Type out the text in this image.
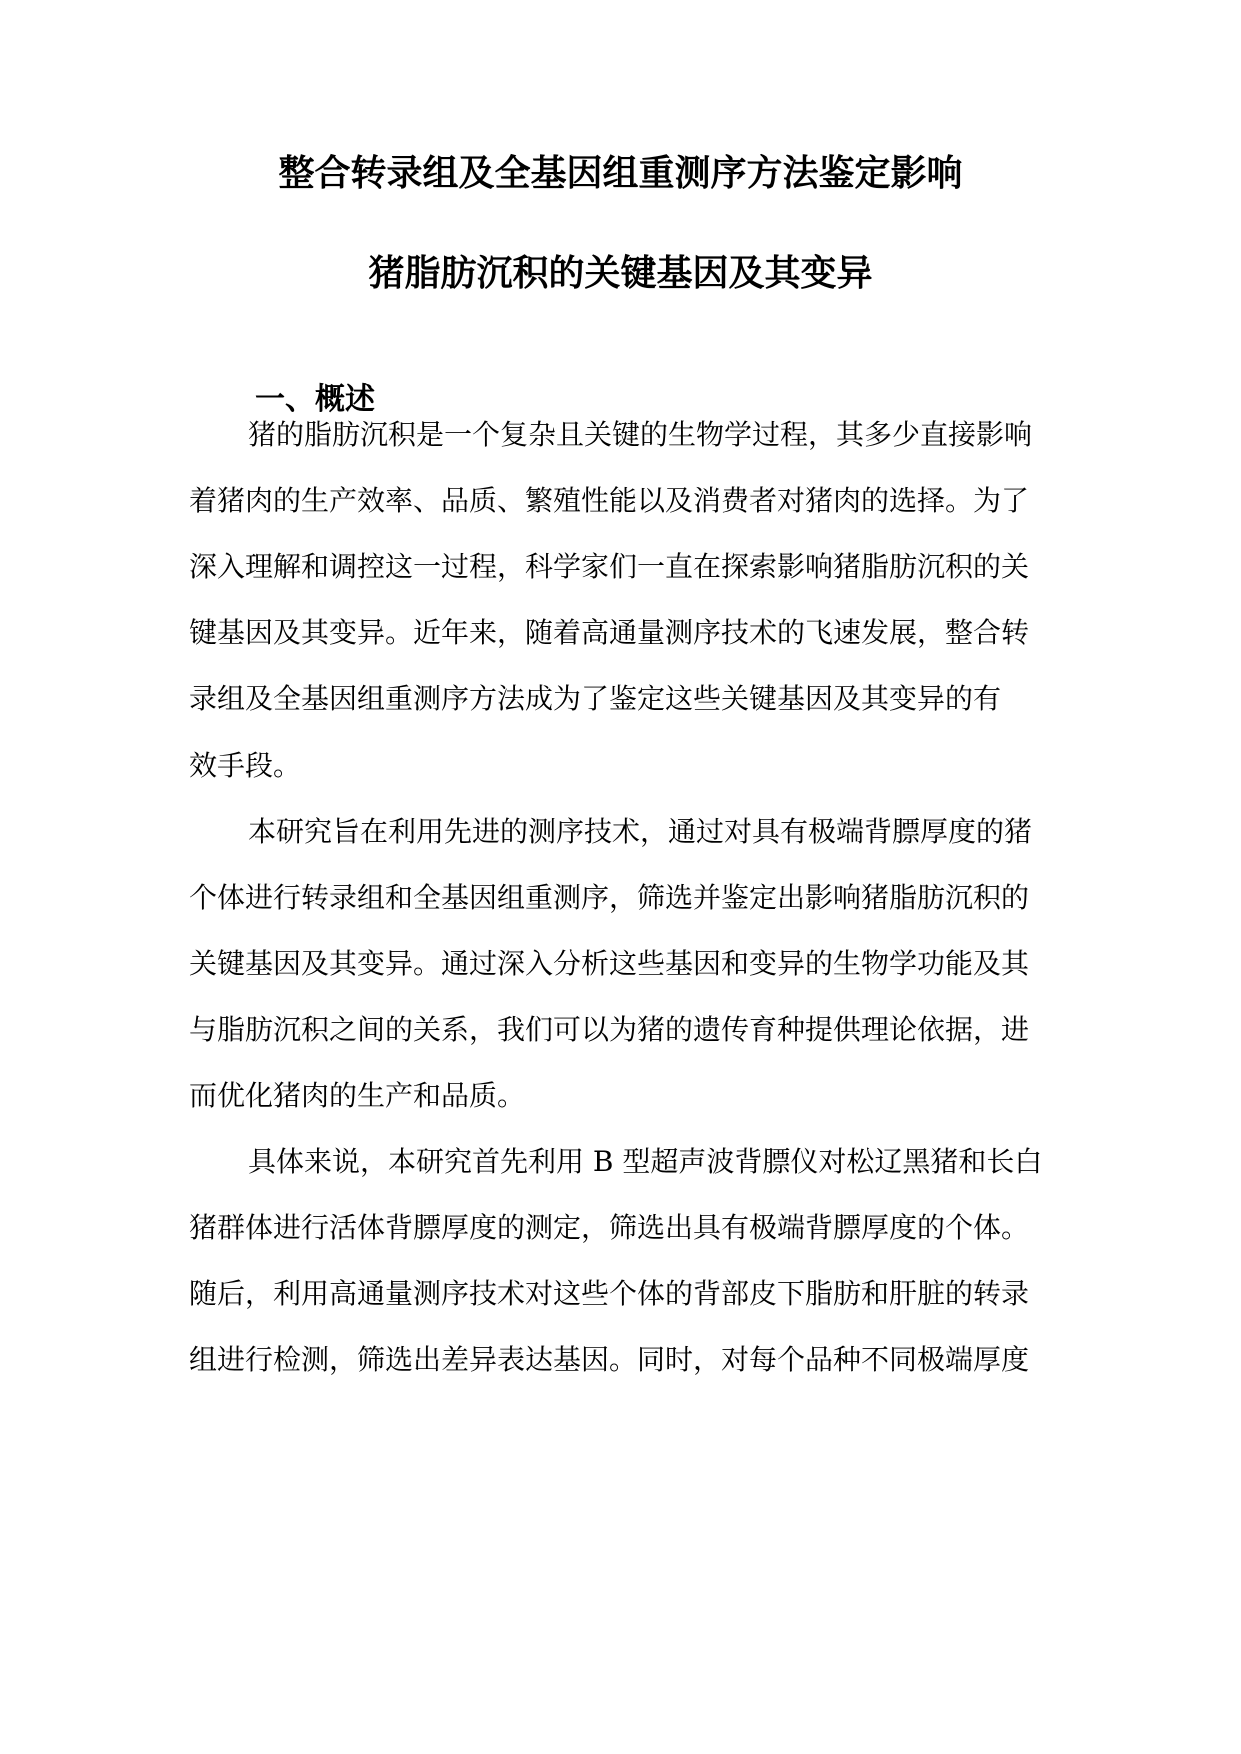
整合转录组及全基因组重测序方法鉴定影响
猪脂肪沉积的关键基因及其变异
一、概述
猪的脂肪沉积是一个复杂且关键的生物学过程，其多少直接影响
着猪肉的生产效率、品质、繁殖性能以及消费者对猪肉的选择。为了
深入理解和调控这一过程，科学家们一直在探索影响猪脂肪沉积的关
键基因及其变异。近年来，随着高通量测序技术的飞速发展，整合转
录组及全基因组重测序方法成为了鉴定这些关键基因及其变异的有
效手段。
本研究旨在利用先进的测序技术，通过对具有极端背膘厚度的猪
个体进行转录组和全基因组重测序，筛选并鉴定出影响猪脂肪沉积的
关键基因及其变异。通过深入分析这些基因和变异的生物学功能及其
与脂肪沉积之间的关系，我们可以为猪的遗传育种提供理论依据，进
而优化猪肉的生产和品质。
具体来说，本研究首先利用 B 型超声波背膘仪对松辽黑猪和长白
猪群体进行活体背膘厚度的测定，筛选出具有极端背膘厚度的个体。
随后，利用高通量测序技术对这些个体的背部皮下脂肪和肝脏的转录
组进行检测，筛选出差异表达基因。同时，对每个品种不同极端厚度
